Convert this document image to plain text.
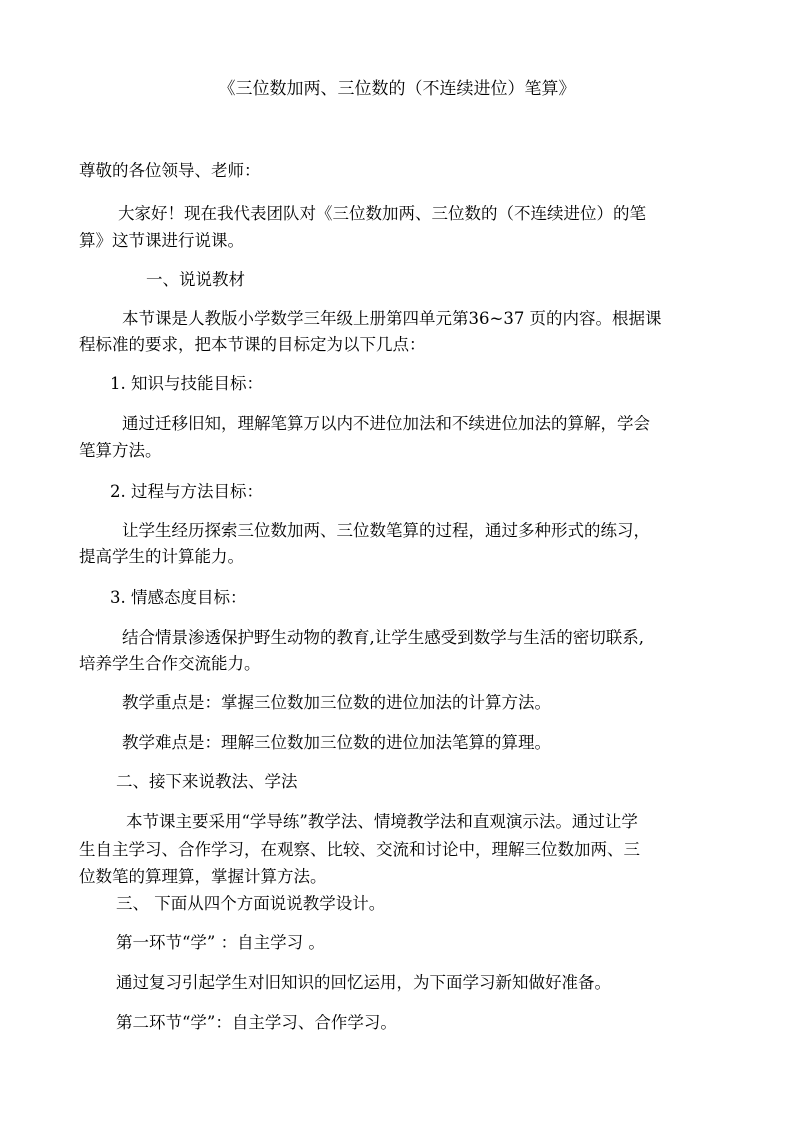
《三位数加两、三位数的（不连续进位）笔算》
尊敬的各位领导、老师：
大家好！现在我代表团队对《三位数加两、三位数的（不连续进位）的笔
算》这节课进行说课。
一、说说教材
本节课是人教版小学数学三年级上册第四单元第36~37 页的内容。根据课
程标准的要求，把本节课的目标定为以下几点：
1. 知识与技能目标：
通过迁移旧知，理解笔算万以内不进位加法和不续进位加法的算解，学会
笔算方法。
2. 过程与方法目标：
让学生经历探索三位数加两、三位数笔算的过程，通过多种形式的练习，
提高学生的计算能力。
3. 情感态度目标：
结合情景渗透保护野生动物的教育,让学生感受到数学与生活的密切联系,
培养学生合作交流能力。
教学重点是：掌握三位数加三位数的进位加法的计算方法。
教学难点是：理解三位数加三位数的进位加法笔算的算理。
二、接下来说教法、学法
本节课主要采用“学导练”教学法、情境教学法和直观演示法。通过让学
生自主学习、合作学习，在观察、比较、交流和讨论中，理解三位数加两、三
位数笔的算理算，掌握计算方法。
三、 下面从四个方面说说教学设计。
第一环节“学” ：自主学习 。
通过复习引起学生对旧知识的回忆运用，为下面学习新知做好准备。
第二环节“学”：自主学习、合作学习。
